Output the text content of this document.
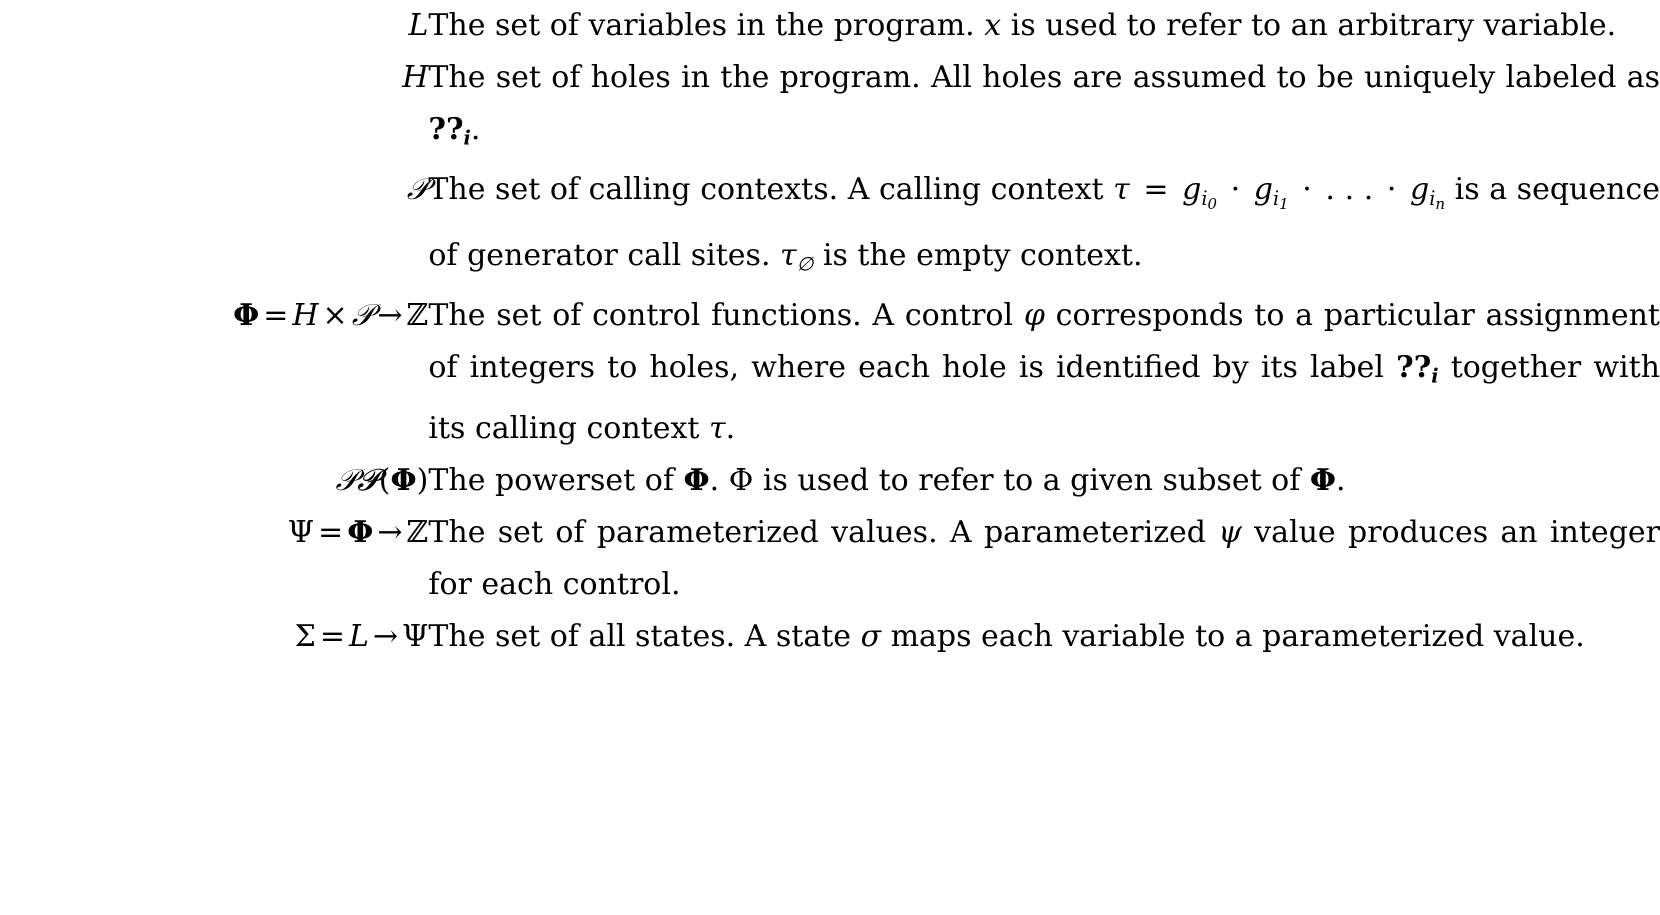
L	The set of variables in the program. x is used to refer to an arbitrary variable.

H	The set of holes in the program. All holes are assumed to be uniquely labeled as $??_i$.

𝒫	The set of calling contexts. A calling context $\tau = g_{i_0} \cdot g_{i_1}$ · . . . · $g_{i_n}$ is a sequence of generator call sites. $\tau_\emptyset$ is the empty context.

Φ = H × 𝒫 → ℤ	The set of control functions. A control φ corresponds to a particular assignment of integers to holes, where each hole is identified by its label $??_i$ together with its calling context τ.

𝒫𝓟(Φ)	The powerset of Φ. Φ is used to refer to a given subset of Φ.

Ψ = Φ → ℤ	The set of parameterized values. A parameterized ψ value produces an integer for each control.

Σ = L → Ψ	The set of all states. A state σ maps each variable to a parameterized value.
